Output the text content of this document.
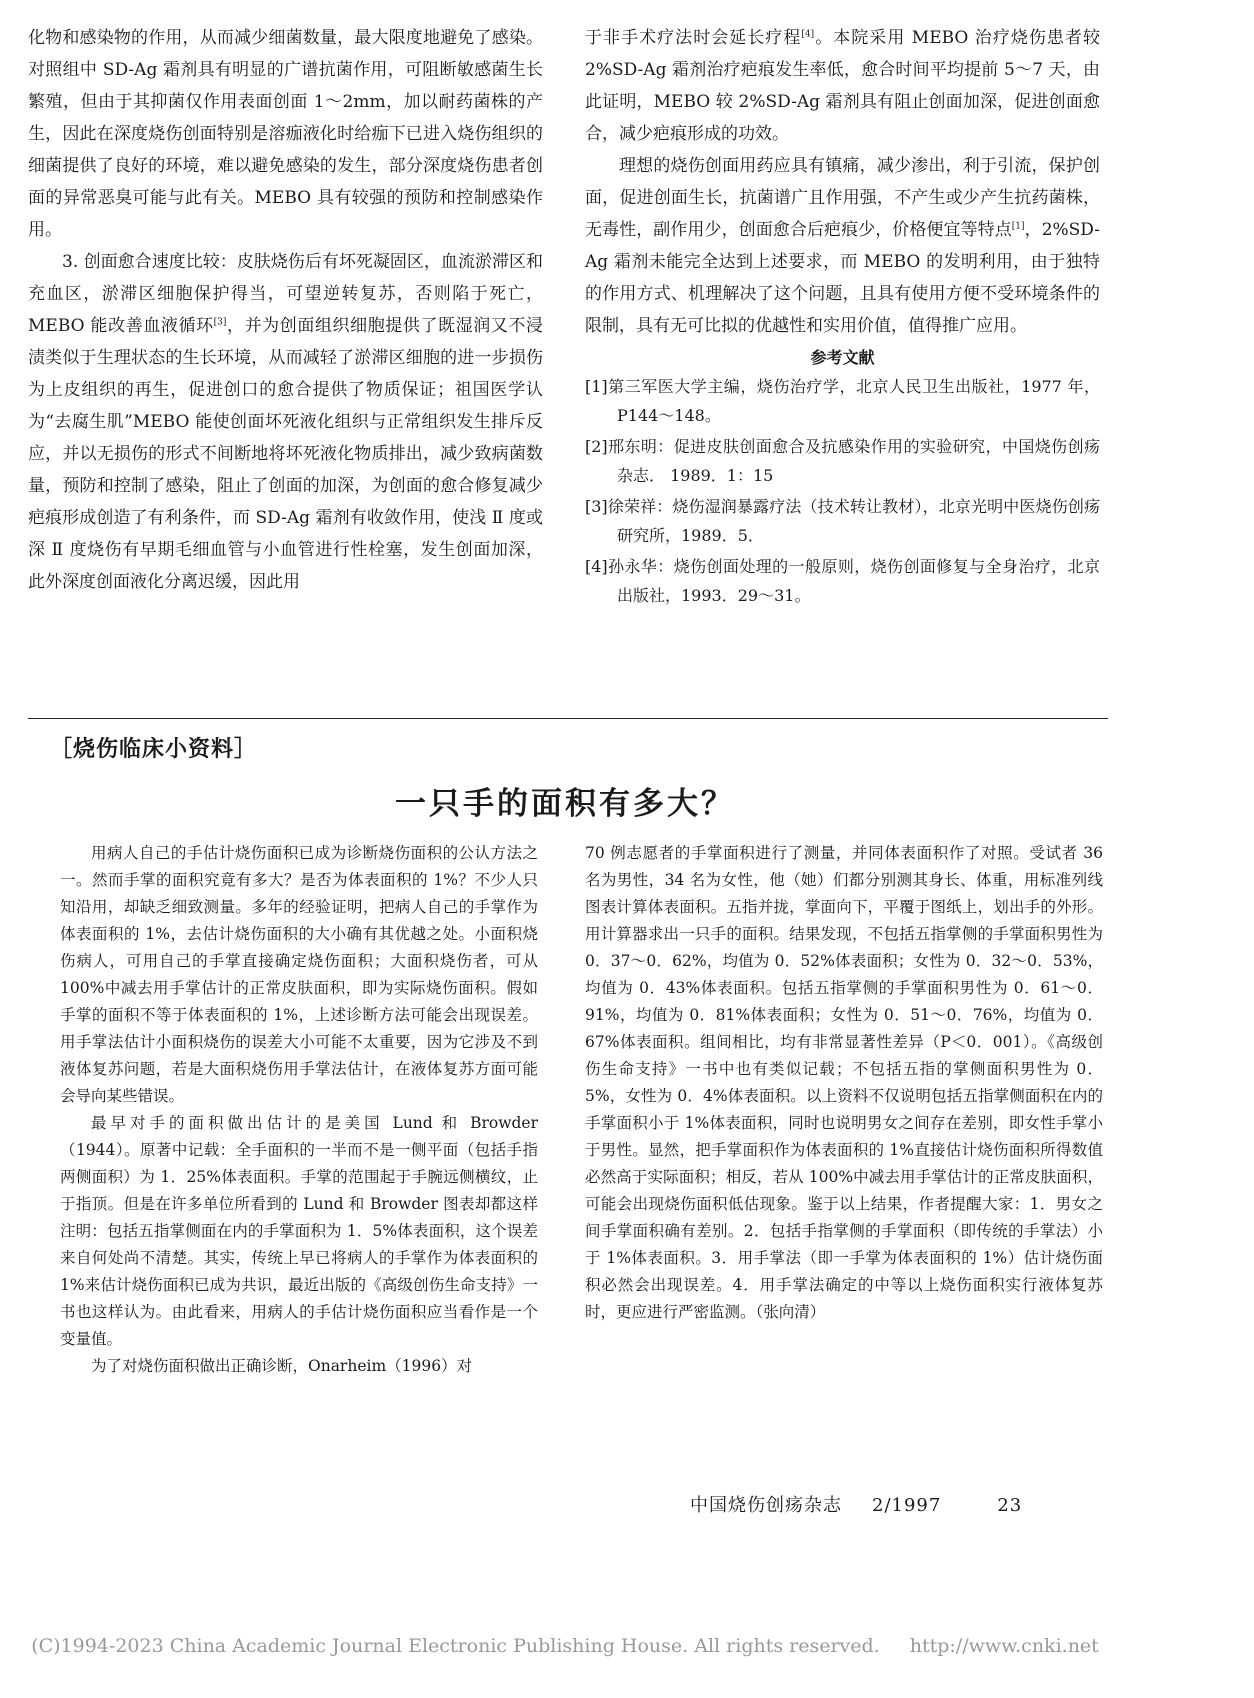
化物和感染物的作用，从而减少细菌数量，最大限度地避免了感染。对照组中 SD-Ag 霜剂具有明显的广谱抗菌作用，可阻断敏感菌生长繁殖，但由于其抑菌仅作用表面创面 1～2mm，加以耐药菌株的产生，因此在深度烧伤创面特别是溶痂液化时给痂下已进入烧伤组织的细菌提供了良好的环境，难以避免感染的发生，部分深度烧伤患者创面的异常恶臭可能与此有关。MEBO 具有较强的预防和控制感染作用。

3. 创面愈合速度比较：皮肤烧伤后有坏死凝固区，血流淤滞区和充血区，淤滞区细胞保护得当，可望逆转复苏，否则陷于死亡，MEBO 能改善血液循环[3]，并为创面组织细胞提供了既湿润又不浸渍类似于生理状态的生长环境，从而减轻了淤滞区细胞的进一步损伤为上皮组织的再生，促进创口的愈合提供了物质保证；祖国医学认为“去腐生肌”MEBO 能使创面坏死液化组织与正常组织发生排斥反应，并以无损伤的形式不间断地将坏死液化物质排出，减少致病菌数量，预防和控制了感染，阻止了创面的加深，为创面的愈合修复减少疤痕形成创造了有利条件，而 SD-Ag 霜剂有收敛作用，使浅 Ⅱ 度或深 Ⅱ 度烧伤有早期毛细血管与小血管进行性栓塞，发生创面加深，此外深度创面液化分离迟缓，因此用

于非手术疗法时会延长疗程[4]。本院采用 MEBO 治疗烧伤患者较 2%SD-Ag 霜剂治疗疤痕发生率低，愈合时间平均提前 5～7 天，由此证明，MEBO 较 2%SD-Ag 霜剂具有阻止创面加深，促进创面愈合，减少疤痕形成的功效。

理想的烧伤创面用药应具有镇痛，减少渗出，利于引流，保护创面，促进创面生长，抗菌谱广且作用强，不产生或少产生抗药菌株，无毒性，副作用少，创面愈合后疤痕少，价格便宜等特点[1]，2%SD-Ag 霜剂未能完全达到上述要求，而 MEBO 的发明利用，由于独特的作用方式、机理解决了这个问题，且具有使用方便不受环境条件的限制，具有无可比拟的优越性和实用价值，值得推广应用。

参考文献
[1]第三军医大学主编，烧伤治疗学，北京人民卫生出版社，1977 年，P144～148。
[2]邢东明：促进皮肤创面愈合及抗感染作用的实验研究，中国烧伤创疡杂志． 1989．1：15
[3]徐荣祥：烧伤湿润暴露疗法（技术转让教材），北京光明中医烧伤创疡研究所，1989．5．
[4]孙永华：烧伤创面处理的一般原则，烧伤创面修复与全身治疗，北京出版社，1993．29～31。
［烧伤临床小资料］
一只手的面积有多大？

用病人自己的手估计烧伤面积已成为诊断烧伤面积的公认方法之一。然而手掌的面积究竟有多大？是否为体表面积的 1%？不少人只知沿用，却缺乏细致测量。多年的经验证明，把病人自己的手掌作为体表面积的 1%，去估计烧伤面积的大小确有其优越之处。小面积烧伤病人，可用自己的手掌直接确定烧伤面积；大面积烧伤者，可从 100%中减去用手掌估计的正常皮肤面积，即为实际烧伤面积。假如手掌的面积不等于体表面积的 1%，上述诊断方法可能会出现误差。用手掌法估计小面积烧伤的误差大小可能不太重要，因为它涉及不到液体复苏问题，若是大面积烧伤用手掌法估计，在液体复苏方面可能会导向某些错误。

最早对手的面积做出估计的是美国 Lund 和 Browder（1944）。原著中记载：全手面积的一半而不是一侧平面（包括手指两侧面积）为 1．25%体表面积。手掌的范围起于手腕远侧横纹，止于指顶。但是在许多单位所看到的 Lund 和 Browder 图表却都这样注明：包括五指掌侧面在内的手掌面积为 1．5%体表面积，这个误差来自何处尚不清楚。其实，传统上早已将病人的手掌作为体表面积的 1%来估计烧伤面积已成为共识，最近出版的《高级创伤生命支持》一书也这样认为。由此看来，用病人的手估计烧伤面积应当看作是一个变量值。

为了对烧伤面积做出正确诊断，Onarheim（1996）对

70 例志愿者的手掌面积进行了测量，并同体表面积作了对照。受试者 36 名为男性，34 名为女性，他（她）们都分别测其身长、体重，用标准列线图表计算体表面积。五指并拢，掌面向下，平覆于图纸上，划出手的外形。用计算器求出一只手的面积。结果发现，不包括五指掌侧的手掌面积男性为 0．37～0．62%，均值为 0．52%体表面积；女性为 0．32～0．53%，均值为 0．43%体表面积。包括五指掌侧的手掌面积男性为 0．61～0．91%，均值为 0．81%体表面积；女性为 0．51～0．76%，均值为 0．67%体表面积。组间相比，均有非常显著性差异（P＜0．001）。《高级创伤生命支持》一书中也有类似记载；不包括五指的掌侧面积男性为 0．5%，女性为 0．4%体表面积。以上资料不仅说明包括五指掌侧面积在内的手掌面积小于 1%体表面积，同时也说明男女之间存在差别，即女性手掌小于男性。显然，把手掌面积作为体表面积的 1%直接估计烧伤面积所得数值必然高于实际面积；相反，若从 100%中减去用手掌估计的正常皮肤面积，可能会出现烧伤面积低估现象。鉴于以上结果，作者提醒大家：1．男女之间手掌面积确有差别。2．包括手指掌侧的手掌面积（即传统的手掌法）小于 1%体表面积。3．用手掌法（即一手掌为体表面积的 1%）估计烧伤面积必然会出现误差。4．用手掌法确定的中等以上烧伤面积实行液体复苏时，更应进行严密监测。（张向清）

中国烧伤创疡杂志 2/1997	23
(C)1994-2023 China Academic Journal Electronic Publishing House. All rights reserved. http://www.cnki.net
